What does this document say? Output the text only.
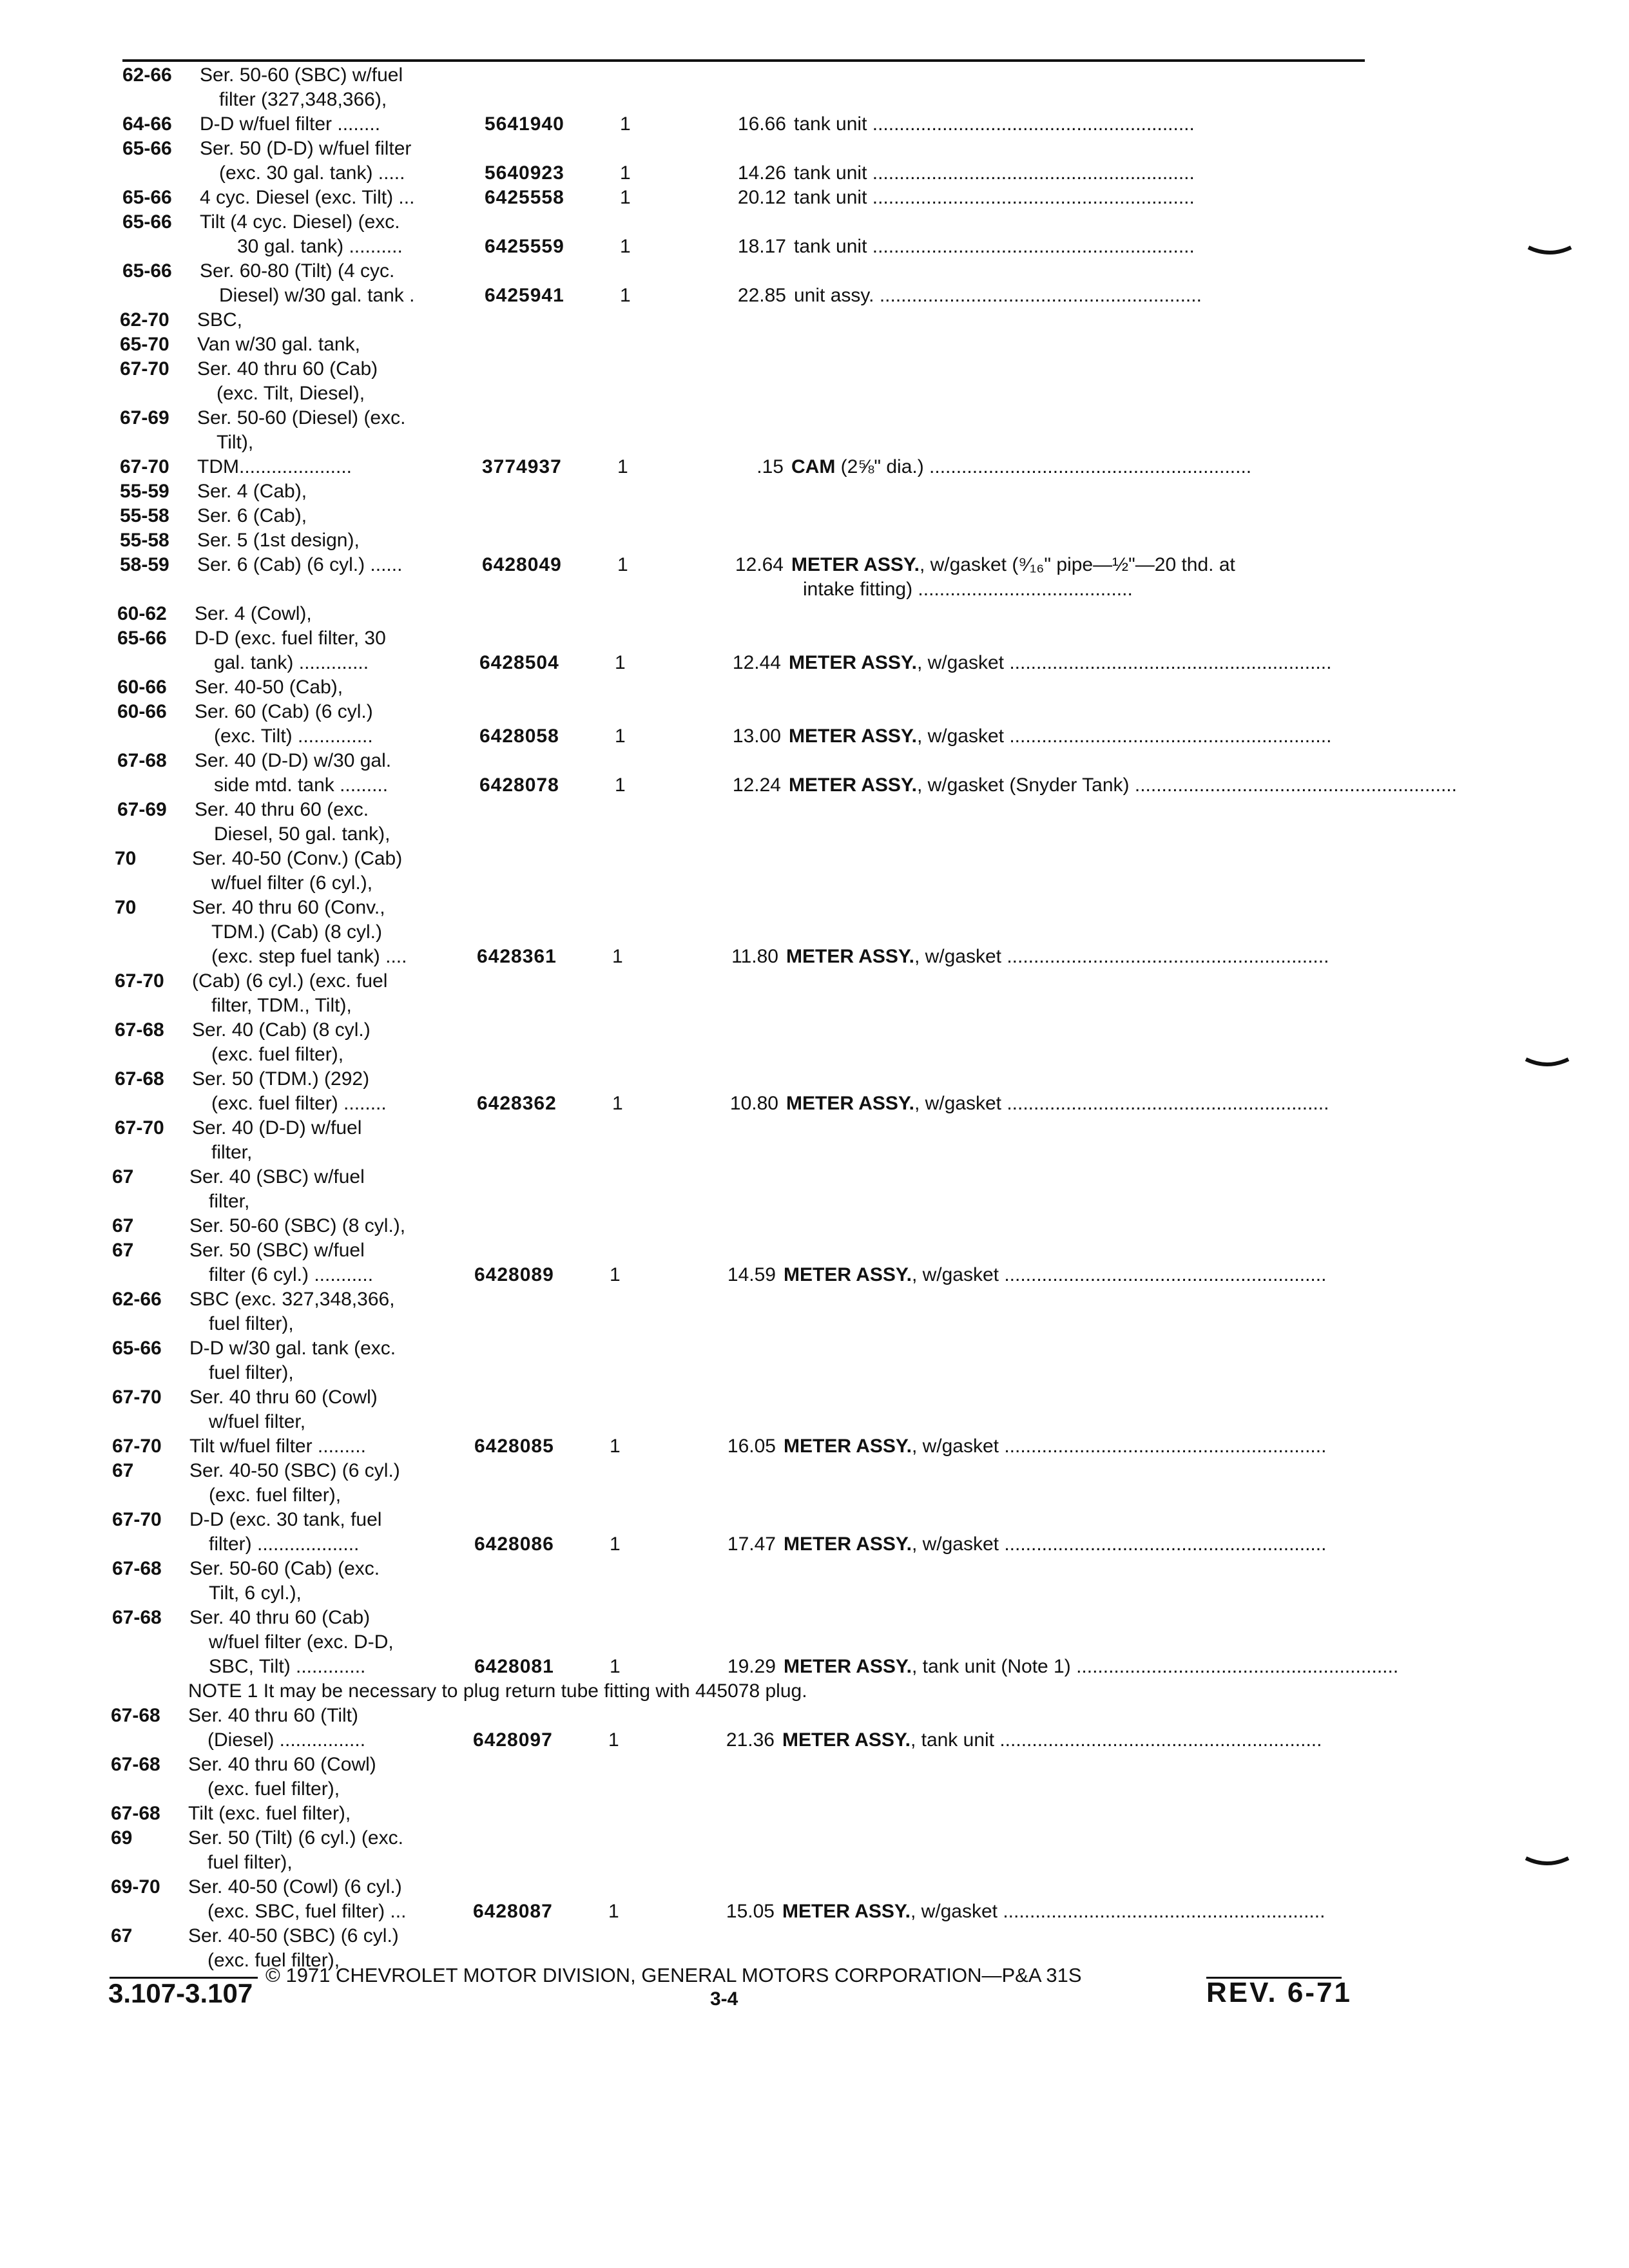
62-66 Ser. 50-60 (SBC) w/fuel
filter (327,348,366),
64-66 D-D w/fuel filter ........	5641940	1	16.66 tank unit ............................................................
65-66 Ser. 50 (D-D) w/fuel filter
(exc. 30 gal. tank) .....	5640923	1	14.26 tank unit ............................................................
65-66 4 cyc. Diesel (exc. Tilt) ...	6425558	1	20.12 tank unit ............................................................
65-66 Tilt (4 cyc. Diesel) (exc.
30 gal. tank) ..........	6425559	1	18.17 tank unit ............................................................
65-66 Ser. 60-80 (Tilt) (4 cyc.
Diesel) w/30 gal. tank .	6425941	1	22.85 unit assy. ............................................................
62-70 SBC,
65-70 Van w/30 gal. tank,
67-70 Ser. 40 thru 60 (Cab)
(exc. Tilt, Diesel),
67-69 Ser. 50-60 (Diesel) (exc.
Tilt),
67-70 TDM.....................	3774937	1	.15 CAM (2⅝" dia.) ............................................................
55-59 Ser. 4 (Cab),
55-58 Ser. 6 (Cab),
55-58 Ser. 5 (1st design),
58-59 Ser. 6 (Cab) (6 cyl.) ......	6428049	1	12.64 METER ASSY., w/gasket (⁹⁄₁₆" pipe—½"—20 thd. at
intake fitting) ........................................
60-62 Ser. 4 (Cowl),
65-66 D-D (exc. fuel filter, 30
gal. tank) .............	6428504	1	12.44 METER ASSY., w/gasket ............................................................
60-66 Ser. 40-50 (Cab),
60-66 Ser. 60 (Cab) (6 cyl.)
(exc. Tilt) ..............	6428058	1	13.00 METER ASSY., w/gasket ............................................................
67-68 Ser. 40 (D-D) w/30 gal.
side mtd. tank .........	6428078	1	12.24 METER ASSY., w/gasket (Snyder Tank) ............................................................
67-69 Ser. 40 thru 60 (exc.
Diesel, 50 gal. tank),
70	Ser. 40-50 (Conv.) (Cab)
w/fuel filter (6 cyl.),
70	Ser. 40 thru 60 (Conv.,
TDM.) (Cab) (8 cyl.)
(exc. step fuel tank) ....	6428361	1	11.80 METER ASSY., w/gasket ............................................................
67-70 (Cab) (6 cyl.) (exc. fuel
filter, TDM., Tilt),
67-68 Ser. 40 (Cab) (8 cyl.)
(exc. fuel filter),
67-68 Ser. 50 (TDM.) (292)
(exc. fuel filter) ........	6428362	1	10.80 METER ASSY., w/gasket ............................................................
67-70 Ser. 40 (D-D) w/fuel
filter,
67	Ser. 40 (SBC) w/fuel
filter,
67	Ser. 50-60 (SBC) (8 cyl.),
67	Ser. 50 (SBC) w/fuel
filter (6 cyl.) ...........	6428089	1	14.59 METER ASSY., w/gasket ............................................................
62-66 SBC (exc. 327,348,366,
fuel filter),
65-66 D-D w/30 gal. tank (exc.
fuel filter),
67-70 Ser. 40 thru 60 (Cowl)
w/fuel filter,
67-70 Tilt w/fuel filter .........	6428085	1	16.05 METER ASSY., w/gasket ............................................................
67	Ser. 40-50 (SBC) (6 cyl.)
(exc. fuel filter),
67-70 D-D (exc. 30 tank, fuel
filter) ...................	6428086	1	17.47 METER ASSY., w/gasket ............................................................
67-68 Ser. 50-60 (Cab) (exc.
Tilt, 6 cyl.),
67-68 Ser. 40 thru 60 (Cab)
w/fuel filter (exc. D-D,
SBC, Tilt) .............	6428081	1	19.29 METER ASSY., tank unit (Note 1) ............................................................
67-68 Ser. 40 thru 60 (Tilt)
(Diesel) ................	6428097	1	21.36 METER ASSY., tank unit ............................................................
67-68 Ser. 40 thru 60 (Cowl)
(exc. fuel filter),
67-68 Tilt (exc. fuel filter),
69	Ser. 50 (Tilt) (6 cyl.) (exc.
fuel filter),
69-70 Ser. 40-50 (Cowl) (6 cyl.)
(exc. SBC, fuel filter) ...	6428087	1	15.05 METER ASSY., w/gasket ............................................................
67	Ser. 40-50 (SBC) (6 cyl.)
(exc. fuel filter),
NOTE 1 It may be necessary to plug return tube fitting with 445078 plug.
© 1971 CHEVROLET MOTOR DIVISION, GENERAL MOTORS CORPORATION—P&A 31S
3.107-3.107	3-4	REV. 6-71
